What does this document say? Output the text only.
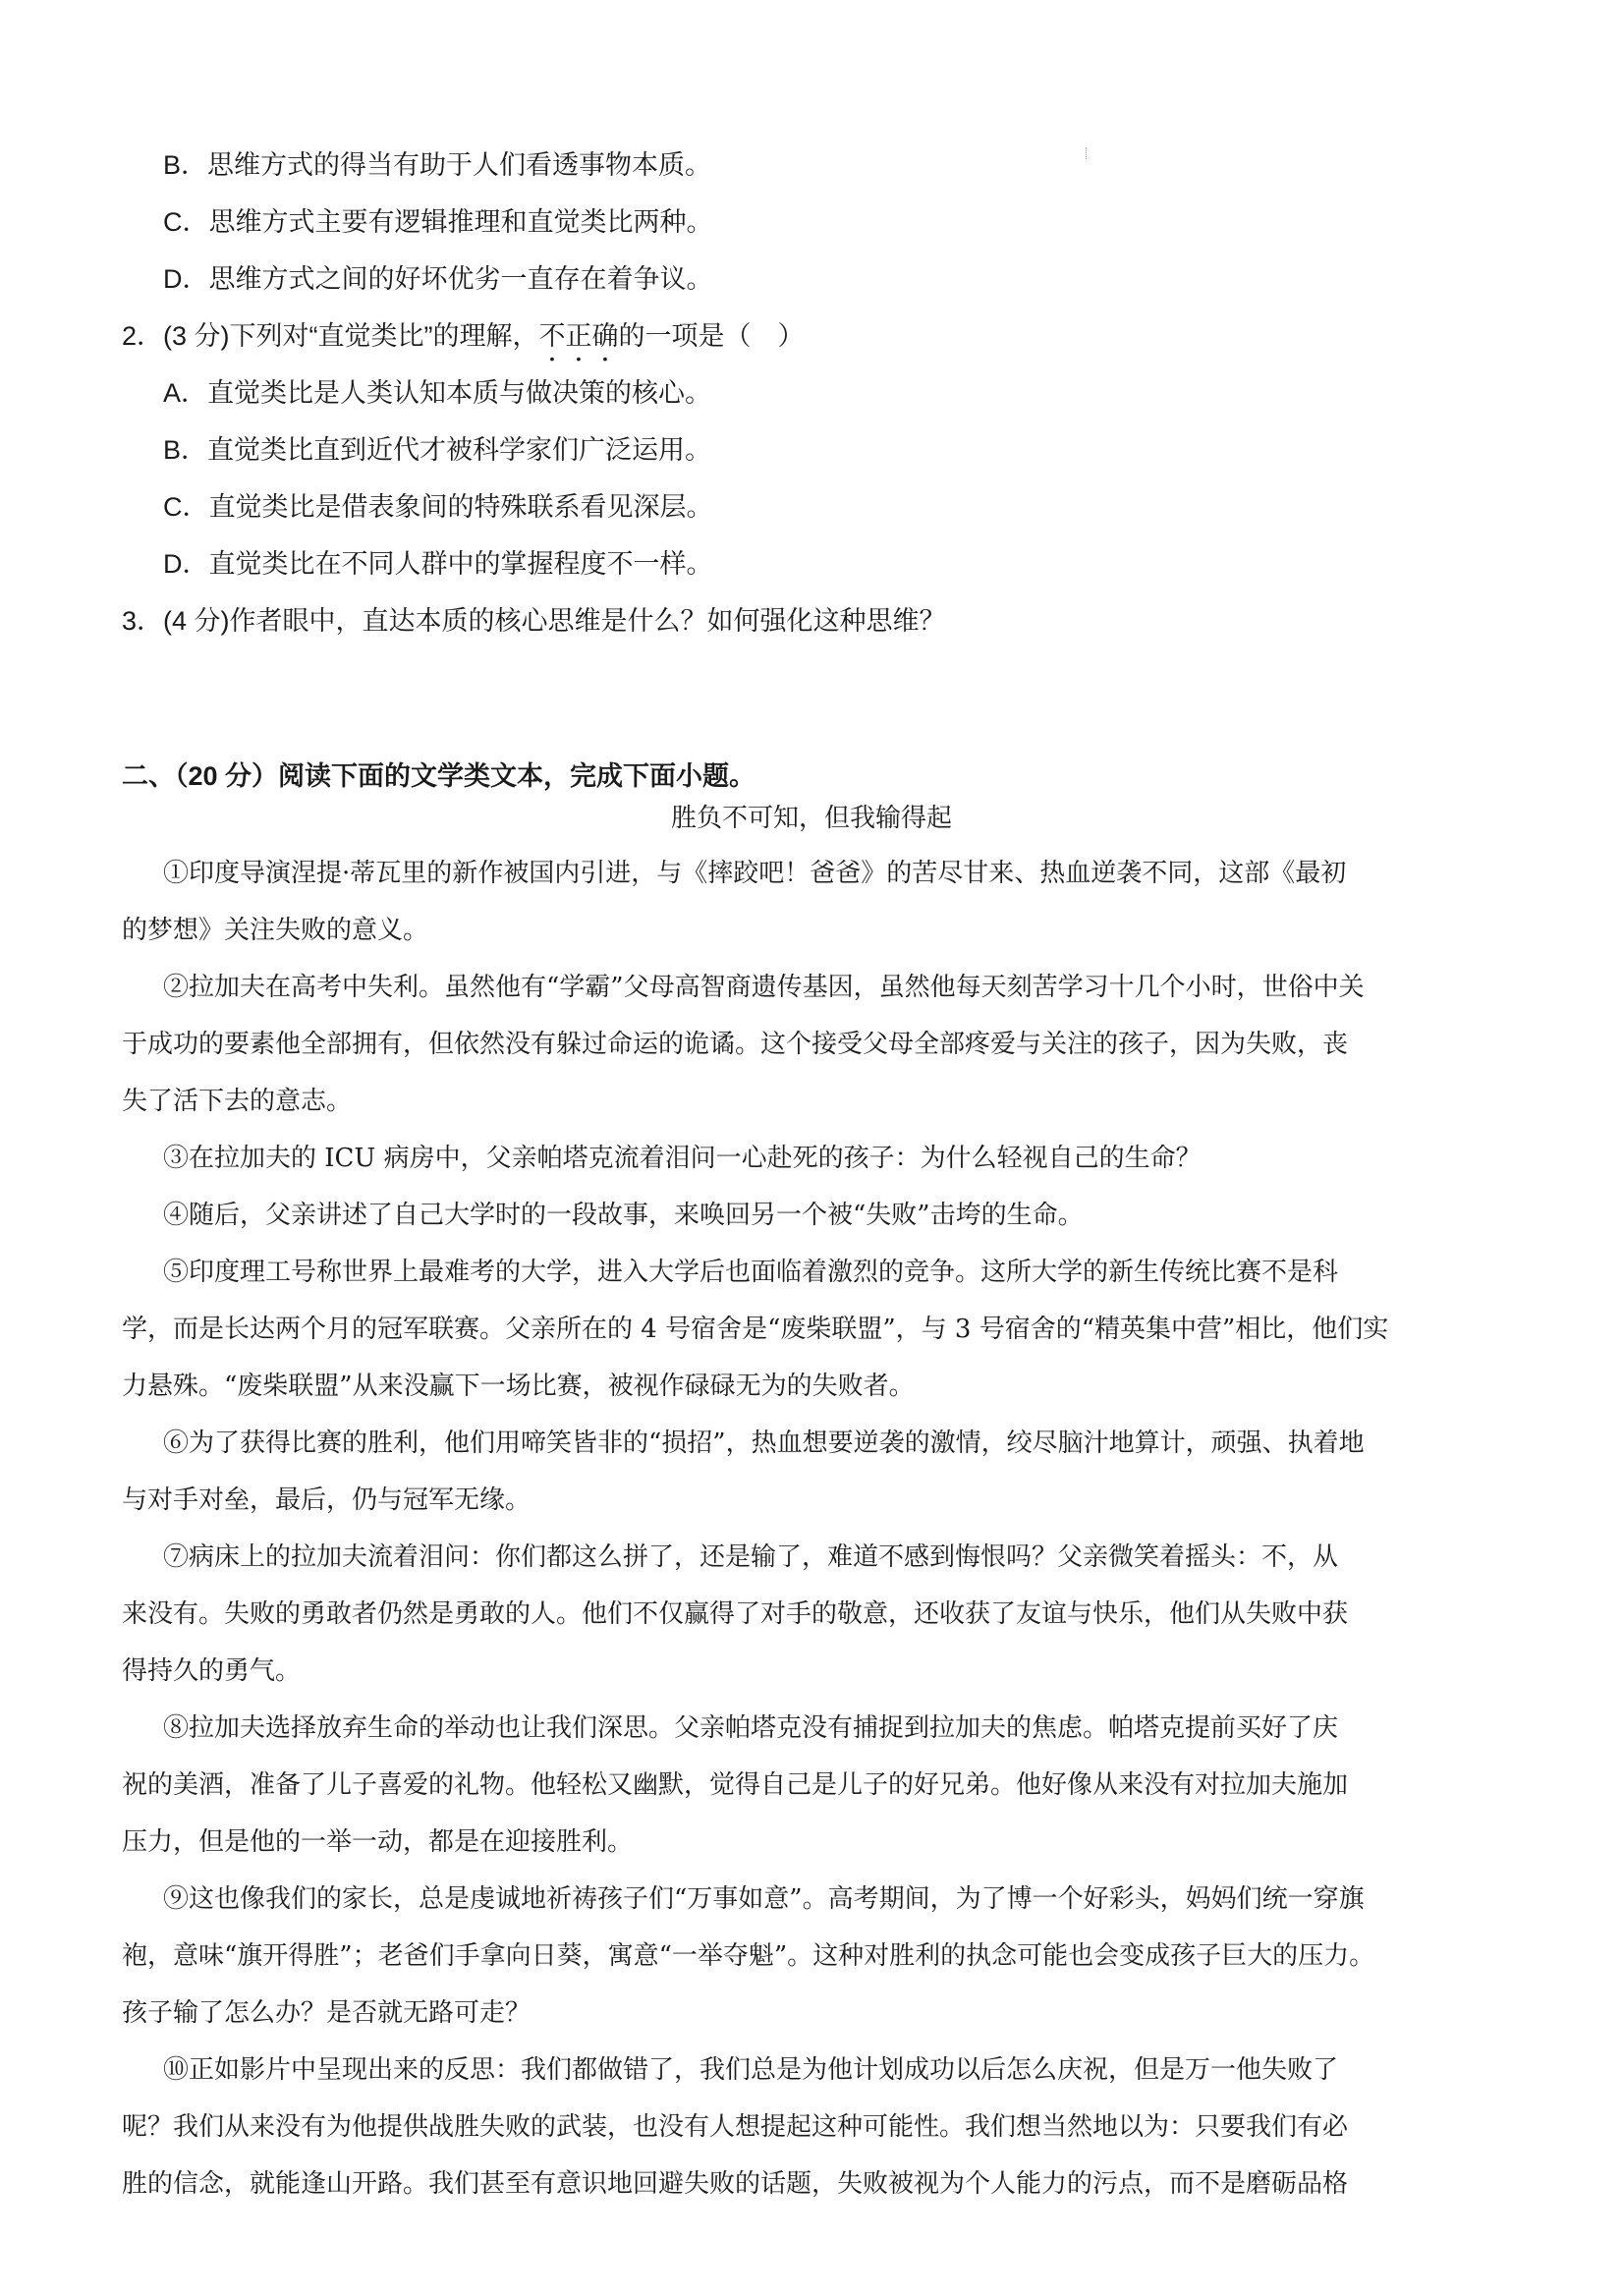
B．思维方式的得当有助于人们看透事物本质。
C．思维方式主要有逻辑推理和直觉类比两种。
D．思维方式之间的好坏优劣一直存在着争议。
2．(3 分)下列对“直觉类比”的理解，不正确的一项是（　）
A．直觉类比是人类认知本质与做决策的核心。
B．直觉类比直到近代才被科学家们广泛运用。
C．直觉类比是借表象间的特殊联系看见深层。
D．直觉类比在不同人群中的掌握程度不一样。
3．(4 分)作者眼中，直达本质的核心思维是什么？如何强化这种思维？
二、（20 分）阅读下面的文学类文本，完成下面小题。
胜负不可知，但我输得起
①印度导演涅提·蒂瓦里的新作被国内引进，与《摔跤吧！爸爸》的苦尽甘来、热血逆袭不同，这部《最初
的梦想》关注失败的意义。
②拉加夫在高考中失利。虽然他有“学霸”父母高智商遗传基因，虽然他每天刻苦学习十几个小时，世俗中关
于成功的要素他全部拥有，但依然没有躲过命运的诡谲。这个接受父母全部疼爱与关注的孩子，因为失败，丧
失了活下去的意志。
③在拉加夫的 ICU 病房中，父亲帕塔克流着泪问一心赴死的孩子：为什么轻视自己的生命？
④随后，父亲讲述了自己大学时的一段故事，来唤回另一个被“失败”击垮的生命。
⑤印度理工号称世界上最难考的大学，进入大学后也面临着激烈的竞争。这所大学的新生传统比赛不是科
学，而是长达两个月的冠军联赛。父亲所在的 4 号宿舍是“废柴联盟”，与 3 号宿舍的“精英集中营”相比，他们实
力悬殊。“废柴联盟”从来没赢下一场比赛，被视作碌碌无为的失败者。
⑥为了获得比赛的胜利，他们用啼笑皆非的“损招”，热血想要逆袭的激情，绞尽脑汁地算计，顽强、执着地
与对手对垒，最后，仍与冠军无缘。
⑦病床上的拉加夫流着泪问：你们都这么拼了，还是输了，难道不感到悔恨吗？父亲微笑着摇头：不，从
来没有。失败的勇敢者仍然是勇敢的人。他们不仅赢得了对手的敬意，还收获了友谊与快乐，他们从失败中获
得持久的勇气。
⑧拉加夫选择放弃生命的举动也让我们深思。父亲帕塔克没有捕捉到拉加夫的焦虑。帕塔克提前买好了庆
祝的美酒，准备了儿子喜爱的礼物。他轻松又幽默，觉得自己是儿子的好兄弟。他好像从来没有对拉加夫施加
压力，但是他的一举一动，都是在迎接胜利。
⑨这也像我们的家长，总是虔诚地祈祷孩子们“万事如意”。高考期间，为了博一个好彩头，妈妈们统一穿旗
袍，意味“旗开得胜”；老爸们手拿向日葵，寓意“一举夺魁”。这种对胜利的执念可能也会变成孩子巨大的压力。
孩子输了怎么办？是否就无路可走？
⑩正如影片中呈现出来的反思：我们都做错了，我们总是为他计划成功以后怎么庆祝，但是万一他失败了
呢？我们从来没有为他提供战胜失败的武装，也没有人想提起这种可能性。我们想当然地以为：只要我们有必
胜的信念，就能逢山开路。我们甚至有意识地回避失败的话题，失败被视为个人能力的污点，而不是磨砺品格
